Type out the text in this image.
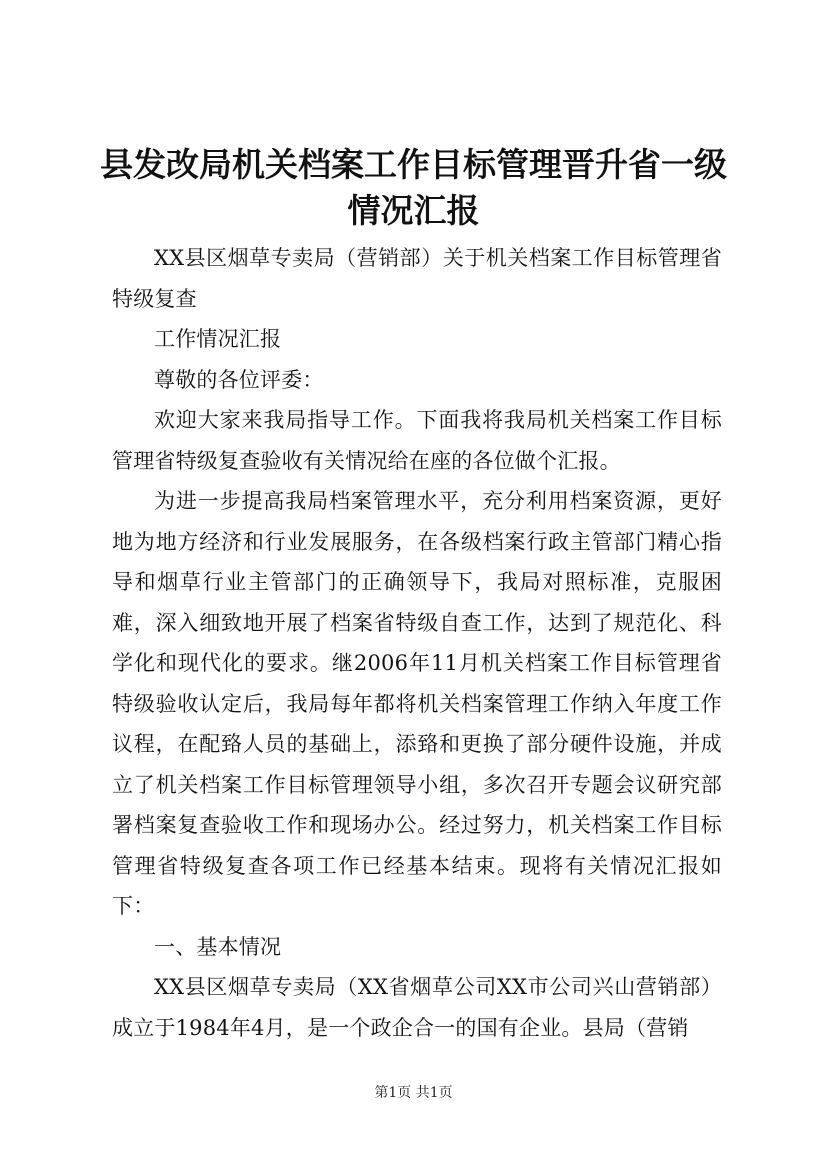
县发改局机关档案工作目标管理晋升省一级情况汇报

XX县区烟草专卖局（营销部）关于机关档案工作目标管理省特级复查

工作情况汇报

尊敬的各位评委：

欢迎大家来我局指导工作。下面我将我局机关档案工作目标管理省特级复查验收有关情况给在座的各位做个汇报。

为进一步提高我局档案管理水平，充分利用档案资源，更好地为地方经济和行业发展服务，在各级档案行政主管部门精心指导和烟草行业主管部门的正确领导下，我局对照标准，克服困难，深入细致地开展了档案省特级自查工作，达到了规范化、科学化和现代化的要求。继2006年11月机关档案工作目标管理省特级验收认定后，我局每年都将机关档案管理工作纳入年度工作议程，在配臵人员的基础上，添臵和更换了部分硬件设施，并成立了机关档案工作目标管理领导小组，多次召开专题会议研究部署档案复查验收工作和现场办公。经过努力，机关档案工作目标管理省特级复查各项工作已经基本结束。现将有关情况汇报如下：

一、基本情况

XX县区烟草专卖局（XX省烟草公司XX市公司兴山营销部）成立于1984年4月，是一个政企合一的国有企业。县局（营销

第1页 共1页
